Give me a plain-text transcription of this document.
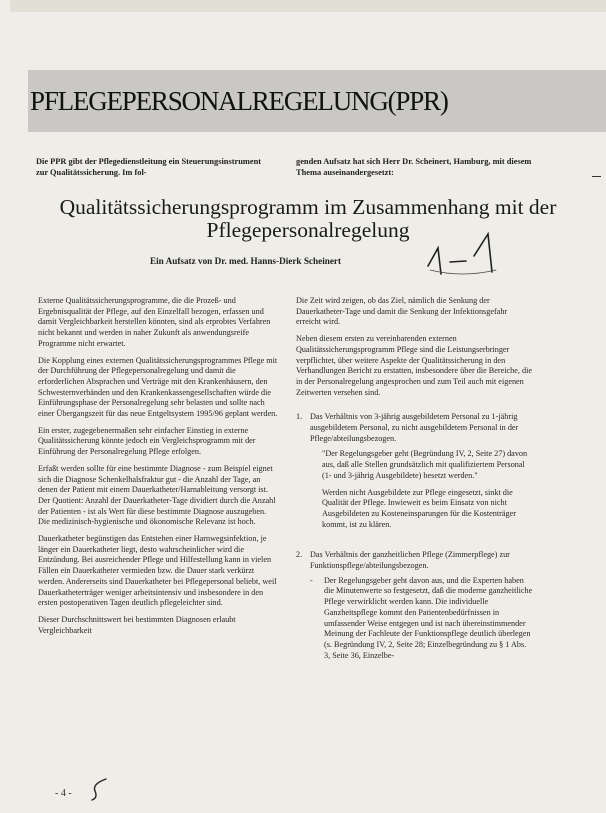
PFLEGEPERSONALREGELUNG(PPR)
Die PPR gibt der Pflegedienstleitung ein Steuerungsinstrument zur Qualitätssicherung. Im fol-
genden Aufsatz hat sich Herr Dr. Scheinert, Hamburg, mit diesem Thema auseinandergesetzt:
Qualitätssicherungsprogramm im Zusammenhang mit der Pflegepersonalregelung
Ein Aufsatz von Dr. med. Hanns-Dierk Scheinert

Externe Qualitätssicherungsprogramme, die die Prozeß- und Ergebnisqualität der Pflege, auf den Einzelfall bezogen, erfassen und damit Vergleichbarkeit herstellen könnten, sind als erprobtes Verfahren nicht bekannt und werden in naher Zukunft als anwendungsreife Programme nicht erwartet.

Die Kopplung eines externen Qualitätssicherungsprogrammes Pflege mit der Durchführung der Pflegepersonalregelung und damit die erforderlichen Absprachen und Verträge mit den Krankenhäusern, den Schwesternverbänden und den Krankenkassengesellschaften würde die Einführungsphase der Personalregelung sehr belasten und sollte nach einer Übergangszeit für das neue Entgeltsystem 1995/96 geplant werden.

Ein erster, zugegebenermaßen sehr einfacher Einstieg in externe Qualitätssicherung könnte jedoch ein Vergleichsprogramm mit der Einführung der Personalregelung Pflege erfolgen.

Erfaßt werden sollte für eine bestimmte Diagnose - zum Beispiel eignet sich die Diagnose Schenkelhalsfraktur gut - die Anzahl der Tage, an denen der Patient mit einem Dauerkatheter/Harnableitung versorgt ist. Der Quotient: Anzahl der Dauerkatheter-Tage dividiert durch die Anzahl der Patienten - ist als Wert für diese bestimmte Diagnose auszugeben. Die medizinisch-hygienische und ökonomische Relevanz ist hoch.

Dauerkatheter begünstigen das Entstehen einer Harnwegsinfektion, je länger ein Dauerkatheter liegt, desto wahrscheinlicher wird die Entzündung. Bei ausreichender Pflege und Hilfestellung kann in vielen Fällen ein Dauerkatheter vermieden bzw. die Dauer stark verkürzt werden. Andererseits sind Dauerkatheter bei Pflegepersonal beliebt, weil Dauerkatheterträger weniger arbeitsintensiv und insbesondere in den ersten postoperativen Tagen deutlich pflegeleichter sind.

Dieser Durchschnittswert bei bestimmten Diagnosen erlaubt Vergleichbarkeit

Die Zeit wird zeigen, ob das Ziel, nämlich die Senkung der Dauerkatheter-Tage und damit die Senkung der Infektionsgefahr erreicht wird.

Neben diesem ersten zu vereinbarenden externen Qualitätssicherungsprogramm Pflege sind die Leistungserbringer verpflichtet, über weitere Aspekte der Qualitätssicherung in den Verhandlungen Bericht zu erstatten, insbesondere über die Bereiche, die in der Personalregelung angesprochen und zum Teil auch mit eigenen Zeitwerten versehen sind.

1. Das Verhältnis von 3-jährig ausgebildetem Personal zu 1-jährig ausgebildetem Personal, zu nicht ausgebildetem Personal in der Pflege/abteilungsbezogen.
"Der Regelungsgeber geht (Begründung IV, 2, Seite 27) davon aus, daß alle Stellen grundsätzlich mit qualifiziertem Personal (1- und 3-jährig Ausgebildete) besetzt werden."
Werden nicht Ausgebildete zur Pflege eingesetzt, sinkt die Qualität der Pflege. Inwieweit es beim Einsatz von nicht Ausgebildeten zu Kosteneinsparungen für die Kostenträger kommt, ist zu klären.
2. Das Verhältnis der ganzheitlichen Pflege (Zimmerpflege) zur Funktionspflege/abteilungsbezogen.
-	Der Regelungsgeber geht davon aus, und die Experten haben die Minutenwerte so festgesetzt, daß die moderne ganzheitliche Pflege verwirklicht werden kann. Die individuelle Ganzheitspflege kommt den Patientenbedürfnissen in umfassender Weise entgegen und ist nach übereinstimmender Meinung der Fachleute der Funktionspflege deutlich überlegen (s. Begründung IV, 2, Seite 28; Einzelbegründung zu § 1 Abs. 3, Seite 36, Einzelbe-
- 4 -
